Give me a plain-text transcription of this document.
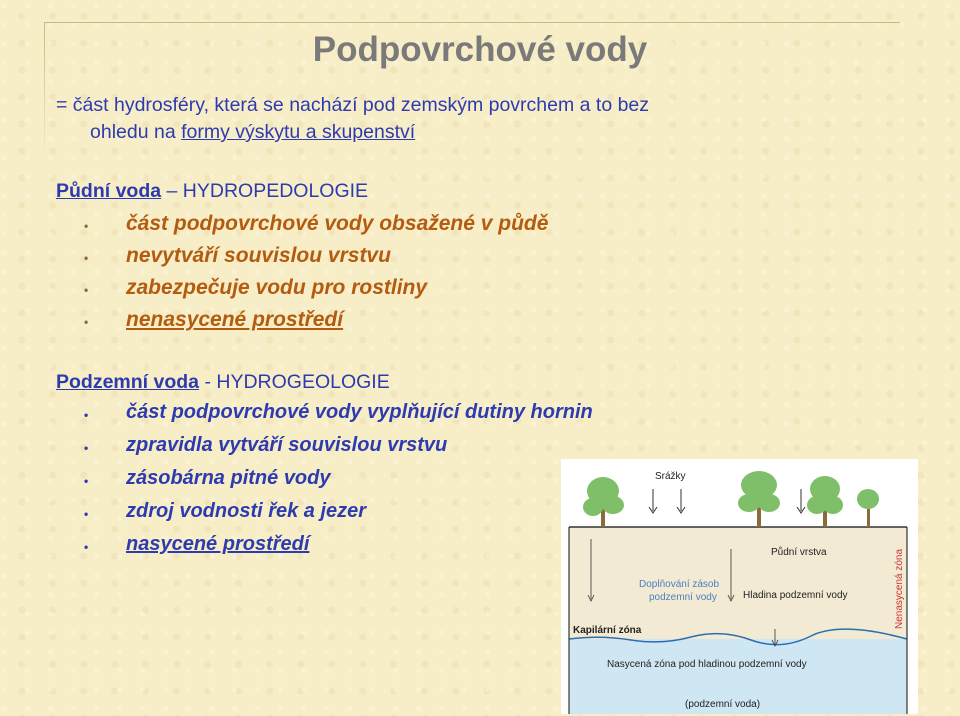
Podpovrchové vody
= část hydrosféry, která se nachází pod zemským povrchem a to bez
ohledu na formy výskytu a skupenství
Půdní voda – HYDROPEDOLOGIE
• část podpovrchové vody obsažené v půdě
• nevytváří souvislou vrstvu
• zabezpečuje vodu pro rostliny
• nenasycené prostředí
Podzemní voda - HYDROGEOLOGIE
• část podpovrchové vody vyplňující dutiny hornin
• zpravidla vytváří souvislou vrstvu
• zásobárna pitné vody
• zdroj vodnosti řek a jezer
• nasycené prostředí
Srážky
Půdní vrstva
Doplňování zásob
podzemní vody	Hladina podzemní vody
Kapilární zóna
Nasycená zóna pod hladinou podzemní vody
(podzemní voda)
Nenasycená zóna
